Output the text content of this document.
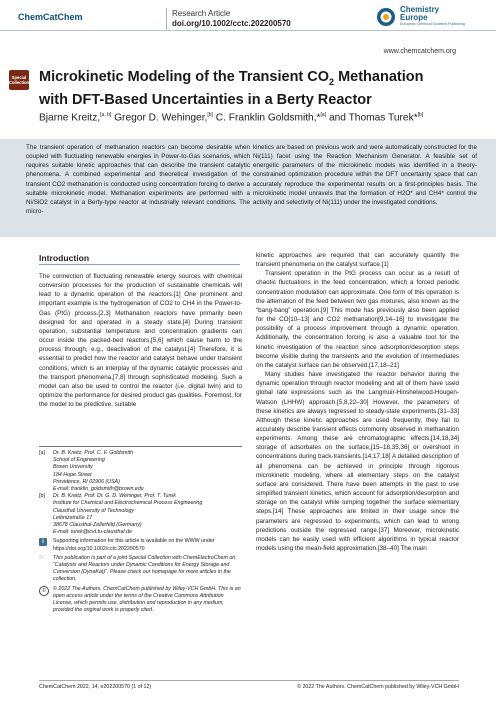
ChemCatChem	Research Article
doi.org/10.1002/cctc.202200570
Chemistry
Europe
European Chemical Societies Publishing
www.chemcatchem.org
Special
Collection Microkinetic Modeling of the Transient $CO_2$ Methanation
with DFT-Based Uncertainties in a Berty Reactor
Bjarne Kreitz,[a, b] Gregor D. Wehinger,[b] C. Franklin Goldsmith,*[a] and Thomas Turek*[b]
The transient operation of methanation reactors can become desirable when coupled with fluctuating renewable energies in Power-to-Gas scenarios, which requires suitable kinetic approaches that can describe the transient catalytic phenomena. A combined experimental and theoretical investigation of the transient CO2 methanation is conducted using concentration forcing to derive a suitable microkinetic model. Methanation experiments are performed with a Ni/SiO2 catalyst in a Berty-type reactor at industrially relevant conditions. The micro-
kinetics are based on previous work and were automatically constructed for the Ni(111) facet using the Reaction Mechanism Generator. A feasible set of energetic parameters of the microkinetic models was identified in a theory-constrained optimization procedure within the DFT uncertainty space that can accurately reproduce the experimental results on a first-principles basis. The microkinetic model unravels that the formation of H2O* and CH4* control the activity and selectivity of Ni(111) under the investigated conditions.
Introduction

The connection of fluctuating renewable energy sources with chemical conversion processes for the production of sustainable chemicals will lead to a dynamic operation of the reactors.[1] One prominent and important example is the hydrogenation of CO2 to CH4 in the Power-to-Gas (PtG) process.[2,3] Methanation reactors have primarily been designed for and operated in a steady state.[4] During transient operation, substantial temperature and concentration gradients can occur inside the packed-bed reactors,[5,6] which cause harm to the process through, e.g., deactivation of the catalyst.[4] Therefore, it is essential to predict how the reactor and catalyst behave under transient conditions, which is an interplay of the dynamic catalytic processes and the transport phenomena,[7,8] through sophisticated modeling. Such a model can also be used to control the reactor (i.e. digital twin) and to optimize the performance for desired product gas qualities. Foremost, for the model to be predictive, suitable

kinetic approaches are required that can accurately quantify the transient phenomena on the catalyst surface.[1]

Transient operation in the PtG process can occur as a result of chaotic fluctuations in the feed concentration, which a forced periodic concentration modulation can approximate. One form of this operation is the alternation of the feed between two gas mixtures, also known as the “bang-bang” operation.[9] This mode has previously also been applied for the CO[10–13] and CO2 methanation[9,14–16] to investigate the possibility of a process improvement through a dynamic operation. Additionally, the concentration forcing is also a valuable tool for the kinetic investigation of the reaction since adsorption/desorption steps become visible during the transients and the evolution of intermediates on the catalyst surface can be observed.[17,18–21]

Many studies have investigated the reactor behavior during the dynamic operation through reactor modeling and all of them have used global rate expressions such as the Langmuir-Hinshelwood-Hougen-Watson (LHHW) approach.[5,8,22–30] However, the parameters of these kinetics are always regressed to steady-state experiments.[31–33] Although these kinetic approaches are used frequently, they fail to accurately describe transient effects commonly observed in methanation experiments. Among these are chromatographic effects,[14,18,34] storage of adsorbates on the surface,[15–18,35,36] or overshoot in concentrations during back-transients.[14,17,18] A detailed description of all phenomena can be achieved in principle through rigorous microkinetic modeling, where all elementary steps on the catalyst surface are considered. There have been attempts in the past to use simplified transient kinetics, which account for adsorption/desorption and storage on the catalyst while lumping together the surface elementary steps.[14] These approaches are limited in their usage since the parameters are regressed to experiments, which can lead to wrong predictions outside the regressed range.[37] Moreover, microkinetic models can be easily used with efficient algorithms in typical reactor models using the mean-field approximation.[38–40] The main

[a]	Dr. B. Kreitz, Prof. C. F. Goldsmith
School of Engineering
Brown University
184 Hope Street
Providence, RI 02906 (USA)
E-mail: franklin_goldsmith@brown.edu
[b]	Dr. B. Kreitz, Prof. Dr. G. D. Wehinger, Prof. T. Turek
Institute for Chemical and Electrochemical Process Engineering
Clausthal University of Technology
Leibnizstraße 17
38678 Clausthal-Zellerfeld (Germany)
E-mail: turek@icvt.tu-clausthal.de
i	Supporting information for this article is available on the WWW under https://doi.org/10.1002/cctc.202200570
☞	This publication is part of a joint Special Collection with ChemElectroChem on “Catalysts and Reactors under Dynamic Conditions for Energy Storage and Conversion (DynaKat)”. Please check our homepage for more articles in the collection.
©	© 2022 The Authors. ChemCatChem published by Wiley-VCH GmbH. This is an open access article under the terms of the Creative Commons Attribution License, which permits use, distribution and reproduction in any medium, provided the original work is properly cited.
ChemCatChem 2022, 14, e202200570 (1 of 12)	© 2022 The Authors. ChemCatChem published by Wiley-VCH GmbH
